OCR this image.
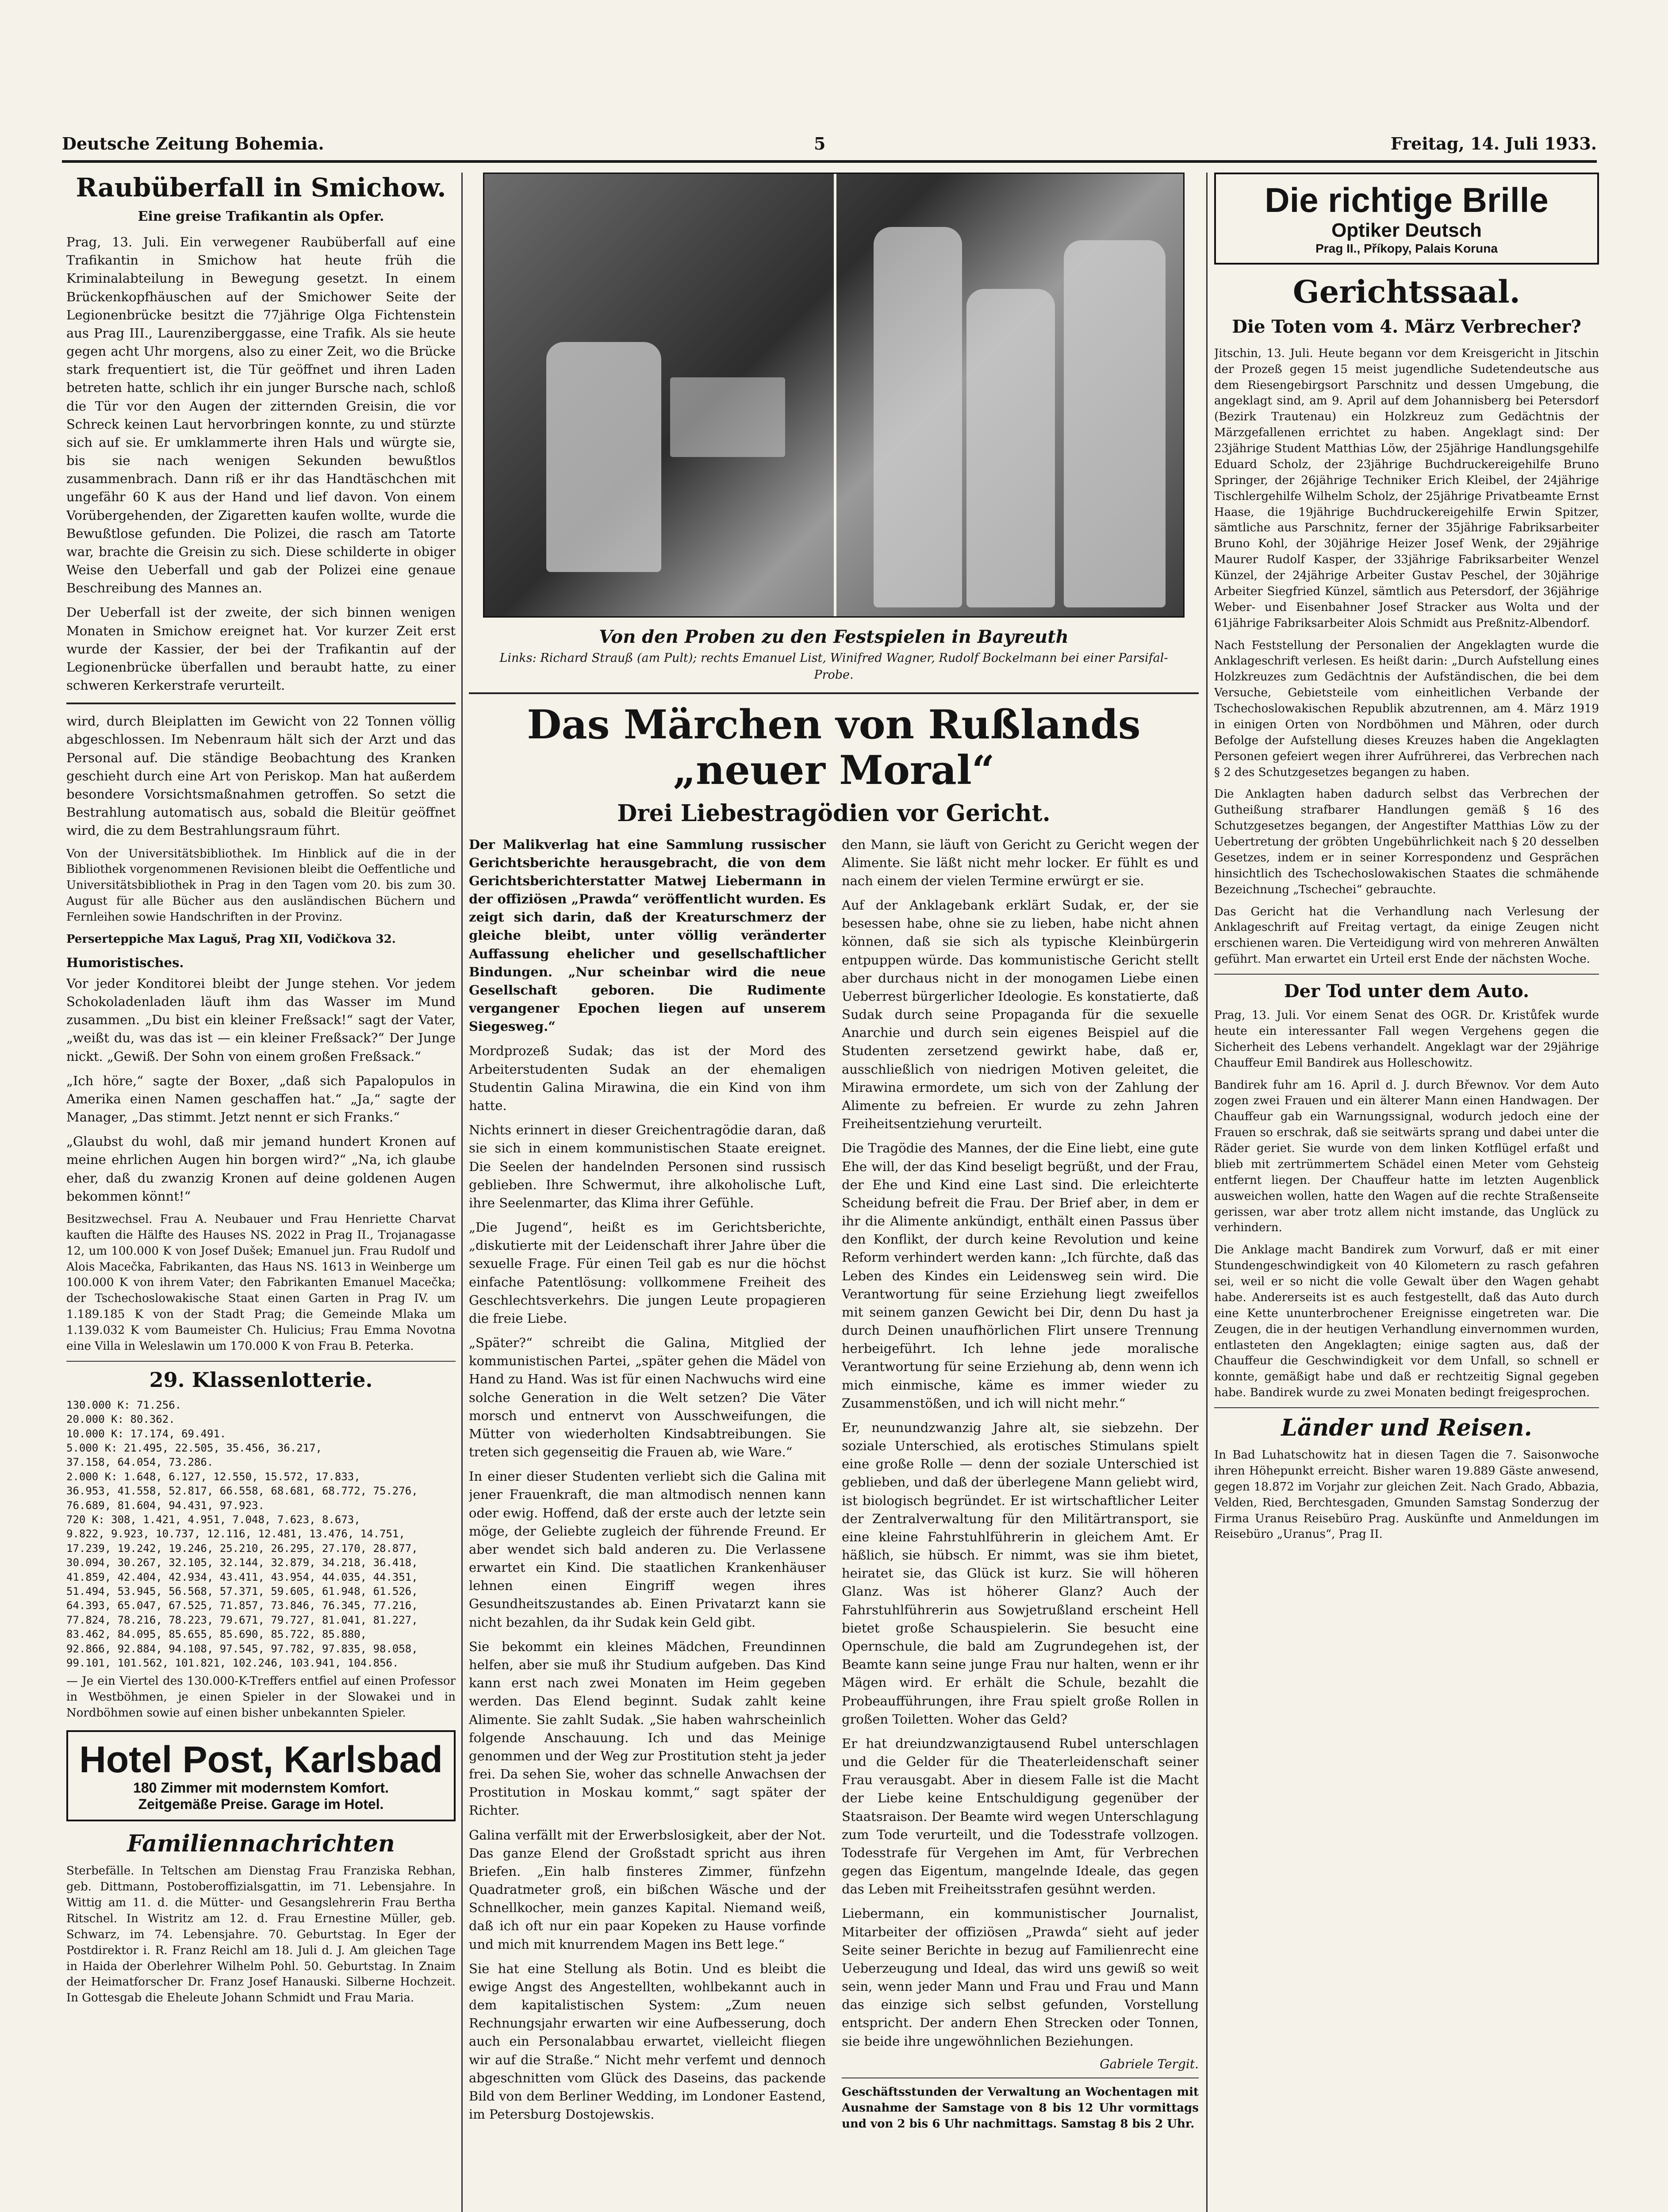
Deutsche Zeitung Bohemia.	5	Freitag, 14. Juli 1933.
Raubüberfall in Smichow.
Eine greise Trafikantin als Opfer.

Prag, 13. Juli. Ein verwegener Raubüberfall auf eine Trafikantin in Smichow hat heute früh die Kriminalabteilung in Bewegung gesetzt. In einem Brückenkopfhäuschen auf der Smichower Seite der Legionenbrücke besitzt die 77jährige Olga Fichtenstein aus Prag III., Laurenziberggasse, eine Trafik. Als sie heute gegen acht Uhr morgens, also zu einer Zeit, wo die Brücke stark frequentiert ist, die Tür geöffnet und ihren Laden betreten hatte, schlich ihr ein junger Bursche nach, schloß die Tür vor den Augen der zitternden Greisin, die vor Schreck keinen Laut hervorbringen konnte, zu und stürzte sich auf sie. Er umklammerte ihren Hals und würgte sie, bis sie nach wenigen Sekunden bewußtlos zusammenbrach. Dann riß er ihr das Handtäschchen mit ungefähr 60 K aus der Hand und lief davon. Von einem Vorübergehenden, der Zigaretten kaufen wollte, wurde die Bewußtlose gefunden. Die Polizei, die rasch am Tatorte war, brachte die Greisin zu sich. Diese schilderte in obiger Weise den Ueberfall und gab der Polizei eine genaue Beschreibung des Mannes an.

Der Ueberfall ist der zweite, der sich binnen wenigen Monaten in Smichow ereignet hat. Vor kurzer Zeit erst wurde der Kassier, der bei der Trafikantin auf der Legionenbrücke überfallen und beraubt hatte, zu einer schweren Kerkerstrafe verurteilt.

wird, durch Bleiplatten im Gewicht von 22 Tonnen völlig abgeschlossen. Im Nebenraum hält sich der Arzt und das Personal auf. Die ständige Beobachtung des Kranken geschieht durch eine Art von Periskop. Man hat außerdem besondere Vorsichtsmaßnahmen getroffen. So setzt die Bestrahlung automatisch aus, sobald die Bleitür geöffnet wird, die zu dem Bestrahlungsraum führt.

Von der Universitätsbibliothek. Im Hinblick auf die in der Bibliothek vorgenommenen Revisionen bleibt die Oeffentliche und Universitätsbibliothek in Prag in den Tagen vom 20. bis zum 30. August für alle Bücher aus den ausländischen Büchern und Fernleihen sowie Handschriften in der Provinz.

Perserteppiche Max Laguš, Prag XII, Vodičkova 32.

Humoristisches.

Vor jeder Konditorei bleibt der Junge stehen. Vor jedem Schokoladenladen läuft ihm das Wasser im Mund zusammen. „Du bist ein kleiner Freßsack!“ sagt der Vater, „weißt du, was das ist — ein kleiner Freßsack?“ Der Junge nickt. „Gewiß. Der Sohn von einem großen Freßsack.“

„Ich höre,“ sagte der Boxer, „daß sich Papalopulos in Amerika einen Namen geschaffen hat.“ „Ja,“ sagte der Manager, „Das stimmt. Jetzt nennt er sich Franks.“

„Glaubst du wohl, daß mir jemand hundert Kronen auf meine ehrlichen Augen hin borgen wird?“ „Na, ich glaube eher, daß du zwanzig Kronen auf deine goldenen Augen bekommen könnt!“

Besitzwechsel. Frau A. Neubauer und Frau Henriette Charvat kauften die Hälfte des Hauses NS. 2022 in Prag II., Trojanagasse 12, um 100.000 K von Josef Dušek; Emanuel jun. Frau Rudolf und Alois Macečka, Fabrikanten, das Haus NS. 1613 in Weinberge um 100.000 K von ihrem Vater; den Fabrikanten Emanuel Macečka; der Tschechoslowakische Staat einen Garten in Prag IV. um 1.189.185 K von der Stadt Prag; die Gemeinde Mlaka um 1.139.032 K vom Baumeister Ch. Hulicius; Frau Emma Novotna eine Villa in Weleslawin um 170.000 K von Frau B. Peterka.

29. Klassenlotterie.
130.000 K: 71.256.
20.000 K: 80.362.
10.000 K: 17.174, 69.491.
5.000 K: 21.495, 22.505, 35.456, 36.217,
37.158, 64.054, 73.286.
2.000 K: 1.648, 6.127, 12.550, 15.572, 17.833,
36.953, 41.558, 52.817, 66.558, 68.681, 68.772, 75.276,
76.689, 81.604, 94.431, 97.923.
720 K: 308, 1.421, 4.951, 7.048, 7.623, 8.673,
9.822, 9.923, 10.737, 12.116, 12.481, 13.476, 14.751,
17.239, 19.242, 19.246, 25.210, 26.295, 27.170, 28.877,
30.094, 30.267, 32.105, 32.144, 32.879, 34.218, 36.418,
41.859, 42.404, 42.934, 43.411, 43.954, 44.035, 44.351,
51.494, 53.945, 56.568, 57.371, 59.605, 61.948, 61.526,
64.393, 65.047, 67.525, 71.857, 73.846, 76.345, 77.216,
77.824, 78.216, 78.223, 79.671, 79.727, 81.041, 81.227,
83.462, 84.095, 85.655, 85.690, 85.722, 85.880,
92.866, 92.884, 94.108, 97.545, 97.782, 97.835, 98.058,
99.101, 101.562, 101.821, 102.246, 103.941, 104.856.

— Je ein Viertel des 130.000-K-Treffers entfiel auf einen Professor in Westböhmen, je einen Spieler in der Slowakei und in Nordböhmen sowie auf einen bisher unbekannten Spieler.

Hotel Post, Karlsbad
180 Zimmer mit modernstem Komfort.
Zeitgemäße Preise. Garage im Hotel.
Familiennachrichten

Sterbefälle. In Teltschen am Dienstag Frau Franziska Rebhan, geb. Dittmann, Postoberoffizialsgattin, im 71. Lebensjahre. In Wittig am 11. d. die Mütter- und Gesangslehrerin Frau Bertha Ritschel. In Wistritz am 12. d. Frau Ernestine Müller, geb. Schwarz, im 74. Lebensjahre. 70. Geburtstag. In Eger der Postdirektor i. R. Franz Reichl am 18. Juli d. J. Am gleichen Tage in Haida der Oberlehrer Wilhelm Pohl. 50. Geburtstag. In Znaim der Heimatforscher Dr. Franz Josef Hanauski. Silberne Hochzeit. In Gottesgab die Eheleute Johann Schmidt und Frau Maria.

Von den Proben zu den Festspielen in Bayreuth
Links: Richard Strauß (am Pult); rechts Emanuel List, Winifred Wagner, Rudolf Bockelmann bei einer Parsifal-Probe.
Das Märchen von Rußlands „neuer Moral“
Drei Liebestragödien vor Gericht.

Der Malikverlag hat eine Sammlung russischer Gerichtsberichte herausgebracht, die von dem Gerichtsberichterstatter Matwej Liebermann in der offiziösen „Prawda“ veröffentlicht wurden. Es zeigt sich darin, daß der Kreaturschmerz der gleiche bleibt, unter völlig veränderter Auffassung ehelicher und gesellschaftlicher Bindungen. „Nur scheinbar wird die neue Gesellschaft geboren. Die Rudimente vergangener Epochen liegen auf unserem Siegesweg.“

Mordprozeß Sudak; das ist der Mord des Arbeiterstudenten Sudak an der ehemaligen Studentin Galina Mirawina, die ein Kind von ihm hatte.

Nichts erinnert in dieser Greichentragödie daran, daß sie sich in einem kommunistischen Staate ereignet. Die Seelen der handelnden Personen sind russisch geblieben. Ihre Schwermut, ihre alkoholische Luft, ihre Seelenmarter, das Klima ihrer Gefühle.

„Die Jugend“, heißt es im Gerichtsberichte, „diskutierte mit der Leidenschaft ihrer Jahre über die sexuelle Frage. Für einen Teil gab es nur die höchst einfache Patentlösung: vollkommene Freiheit des Geschlechtsverkehrs. Die jungen Leute propagieren die freie Liebe.

„Später?“ schreibt die Galina, Mitglied der kommunistischen Partei, „später gehen die Mädel von Hand zu Hand. Was ist für einen Nachwuchs wird eine solche Generation in die Welt setzen? Die Väter morsch und entnervt von Ausschweifungen, die Mütter von wiederholten Kindsabtreibungen. Sie treten sich gegenseitig die Frauen ab, wie Ware.“

In einer dieser Studenten verliebt sich die Galina mit jener Frauenkraft, die man altmodisch nennen kann oder ewig. Hoffend, daß der erste auch der letzte sein möge, der Geliebte zugleich der führende Freund. Er aber wendet sich bald anderen zu. Die Verlassene erwartet ein Kind. Die staatlichen Krankenhäuser lehnen einen Eingriff wegen ihres Gesundheitszustandes ab. Einen Privatarzt kann sie nicht bezahlen, da ihr Sudak kein Geld gibt.

Sie bekommt ein kleines Mädchen, Freundinnen helfen, aber sie muß ihr Studium aufgeben. Das Kind kann erst nach zwei Monaten im Heim gegeben werden. Das Elend beginnt. Sudak zahlt keine Alimente. Sie zahlt Sudak. „Sie haben wahrscheinlich folgende Anschauung. Ich und das Meinige genommen und der Weg zur Prostitution steht ja jeder frei. Da sehen Sie, woher das schnelle Anwachsen der Prostitution in Moskau kommt,“ sagt später der Richter.

Galina verfällt mit der Erwerbslosigkeit, aber der Not. Das ganze Elend der Großstadt spricht aus ihren Briefen. „Ein halb finsteres Zimmer, fünfzehn Quadratmeter groß, ein bißchen Wäsche und der Schnellkocher, mein ganzes Kapital. Niemand weiß, daß ich oft nur ein paar Kopeken zu Hause vorfinde und mich mit knurrendem Magen ins Bett lege.“

Sie hat eine Stellung als Botin. Und es bleibt die ewige Angst des Angestellten, wohlbekannt auch in dem kapitalistischen System: „Zum neuen Rechnungsjahr erwarten wir eine Aufbesserung, doch auch ein Personalabbau erwartet, vielleicht fliegen wir auf die Straße.“ Nicht mehr verfemt und dennoch abgeschnitten vom Glück des Daseins, das packende Bild von dem Berliner Wedding, im Londoner Eastend, im Petersburg Dostojewskis.

den Mann, sie läuft von Gericht zu Gericht wegen der Alimente. Sie läßt nicht mehr locker. Er fühlt es und nach einem der vielen Termine erwürgt er sie.

Auf der Anklagebank erklärt Sudak, er, der sie besessen habe, ohne sie zu lieben, habe nicht ahnen können, daß sie sich als typische Kleinbürgerin entpuppen würde. Das kommunistische Gericht stellt aber durchaus nicht in der monogamen Liebe einen Ueberrest bürgerlicher Ideologie. Es konstatierte, daß Sudak durch seine Propaganda für die sexuelle Anarchie und durch sein eigenes Beispiel auf die Studenten zersetzend gewirkt habe, daß er, ausschließlich von niedrigen Motiven geleitet, die Mirawina ermordete, um sich von der Zahlung der Alimente zu befreien. Er wurde zu zehn Jahren Freiheitsentziehung verurteilt.

Die Tragödie des Mannes, der die Eine liebt, eine gute Ehe will, der das Kind beseligt begrüßt, und der Frau, der Ehe und Kind eine Last sind. Die erleichterte Scheidung befreit die Frau. Der Brief aber, in dem er ihr die Alimente ankündigt, enthält einen Passus über den Konflikt, der durch keine Revolution und keine Reform verhindert werden kann: „Ich fürchte, daß das Leben des Kindes ein Leidensweg sein wird. Die Verantwortung für seine Erziehung liegt zweifellos mit seinem ganzen Gewicht bei Dir, denn Du hast ja durch Deinen unaufhörlichen Flirt unsere Trennung herbeigeführt. Ich lehne jede moralische Verantwortung für seine Erziehung ab, denn wenn ich mich einmische, käme es immer wieder zu Zusammenstößen, und ich will nicht mehr.“

Er, neunundzwanzig Jahre alt, sie siebzehn. Der soziale Unterschied, als erotisches Stimulans spielt eine große Rolle — denn der soziale Unterschied ist geblieben, und daß der überlegene Mann geliebt wird, ist biologisch begründet. Er ist wirtschaftlicher Leiter der Zentralverwaltung für den Militärtransport, sie eine kleine Fahrstuhlführerin in gleichem Amt. Er häßlich, sie hübsch. Er nimmt, was sie ihm bietet, heiratet sie, das Glück ist kurz. Sie will höheren Glanz. Was ist höherer Glanz? Auch der Fahrstuhlführerin aus Sowjetrußland erscheint Hell bietet große Schauspielerin. Sie besucht eine Opernschule, die bald am Zugrundegehen ist, der Beamte kann seine junge Frau nur halten, wenn er ihr Mägen wird. Er erhält die Schule, bezahlt die Probeaufführungen, ihre Frau spielt große Rollen in großen Toiletten. Woher das Geld?

Er hat dreiundzwanzigtausend Rubel unterschlagen und die Gelder für die Theaterleidenschaft seiner Frau verausgabt. Aber in diesem Falle ist die Macht der Liebe keine Entschuldigung gegenüber der Staatsraison. Der Beamte wird wegen Unterschlagung zum Tode verurteilt, und die Todesstrafe vollzogen. Todesstrafe für Vergehen im Amt, für Verbrechen gegen das Eigentum, mangelnde Ideale, das gegen das Leben mit Freiheitsstrafen gesühnt werden.

Liebermann, ein kommunistischer Journalist, Mitarbeiter der offiziösen „Prawda“ sieht auf jeder Seite seiner Berichte in bezug auf Familienrecht eine Ueberzeugung und Ideal, das wird uns gewiß so weit sein, wenn jeder Mann und Frau und Frau und Mann das einzige sich selbst gefunden, Vorstellung entspricht. Der andern Ehen Strecken oder Tonnen, sie beide ihre ungewöhnlichen Beziehungen.

Gabriele Tergit.

Geschäftsstunden der Verwaltung an Wochentagen mit Ausnahme der Samstage von 8 bis 12 Uhr vormittags und von 2 bis 6 Uhr nachmittags. Samstag 8 bis 2 Uhr.

Die richtige Brille
Optiker Deutsch
Prag II., Příkopy, Palais Koruna
Gerichtssaal.
Die Toten vom 4. März Verbrecher?

Jitschin, 13. Juli. Heute begann vor dem Kreisgericht in Jitschin der Prozeß gegen 15 meist jugendliche Sudetendeutsche aus dem Riesengebirgsort Parschnitz und dessen Umgebung, die angeklagt sind, am 9. April auf dem Johannisberg bei Petersdorf (Bezirk Trautenau) ein Holzkreuz zum Gedächtnis der Märzgefallenen errichtet zu haben. Angeklagt sind: Der 23jährige Student Matthias Löw, der 25jährige Handlungsgehilfe Eduard Scholz, der 23jährige Buchdruckereigehilfe Bruno Springer, der 26jährige Techniker Erich Kleibel, der 24jährige Tischlergehilfe Wilhelm Scholz, der 25jährige Privatbeamte Ernst Haase, die 19jährige Buchdruckereigehilfe Erwin Spitzer, sämtliche aus Parschnitz, ferner der 35jährige Fabriksarbeiter Bruno Kohl, der 30jährige Heizer Josef Wenk, der 29jährige Maurer Rudolf Kasper, der 33jährige Fabriksarbeiter Wenzel Künzel, der 24jährige Arbeiter Gustav Peschel, der 30jährige Arbeiter Siegfried Künzel, sämtlich aus Petersdorf, der 36jährige Weber- und Eisenbahner Josef Stracker aus Wolta und der 61jährige Fabriksarbeiter Alois Schmidt aus Preßnitz-Albendorf.

Nach Feststellung der Personalien der Angeklagten wurde die Anklageschrift verlesen. Es heißt darin: „Durch Aufstellung eines Holzkreuzes zum Gedächtnis der Aufständischen, die bei dem Versuche, Gebietsteile vom einheitlichen Verbande der Tschechoslowakischen Republik abzutrennen, am 4. März 1919 in einigen Orten von Nordböhmen und Mähren, oder durch Befolge der Aufstellung dieses Kreuzes haben die Angeklagten Personen gefeiert wegen ihrer Aufrührerei, das Verbrechen nach § 2 des Schutzgesetzes begangen zu haben.

Die Anklagten haben dadurch selbst das Verbrechen der Gutheißung strafbarer Handlungen gemäß § 16 des Schutzgesetzes begangen, der Angestifter Matthias Löw zu der Uebertretung der gröbten Ungebührlichkeit nach § 20 desselben Gesetzes, indem er in seiner Korrespondenz und Gesprächen hinsichtlich des Tschechoslowakischen Staates die schmähende Bezeichnung „Tschechei“ gebrauchte.

Das Gericht hat die Verhandlung nach Verlesung der Anklageschrift auf Freitag vertagt, da einige Zeugen nicht erschienen waren. Die Verteidigung wird von mehreren Anwälten geführt. Man erwartet ein Urteil erst Ende der nächsten Woche.

Der Tod unter dem Auto.

Prag, 13. Juli. Vor einem Senat des OGR. Dr. Kristůfek wurde heute ein interessanter Fall wegen Vergehens gegen die Sicherheit des Lebens verhandelt. Angeklagt war der 29jährige Chauffeur Emil Bandirek aus Holleschowitz.

Bandirek fuhr am 16. April d. J. durch Břewnov. Vor dem Auto zogen zwei Frauen und ein älterer Mann einen Handwagen. Der Chauffeur gab ein Warnungssignal, wodurch jedoch eine der Frauen so erschrak, daß sie seitwärts sprang und dabei unter die Räder geriet. Sie wurde von dem linken Kotflügel erfaßt und blieb mit zertrümmertem Schädel einen Meter vom Gehsteig entfernt liegen. Der Chauffeur hatte im letzten Augenblick ausweichen wollen, hatte den Wagen auf die rechte Straßenseite gerissen, war aber trotz allem nicht imstande, das Unglück zu verhindern.

Die Anklage macht Bandirek zum Vorwurf, daß er mit einer Stundengeschwindigkeit von 40 Kilometern zu rasch gefahren sei, weil er so nicht die volle Gewalt über den Wagen gehabt habe. Andererseits ist es auch festgestellt, daß das Auto durch eine Kette ununterbrochener Ereignisse eingetreten war. Die Zeugen, die in der heutigen Verhandlung einvernommen wurden, entlasteten den Angeklagten; einige sagten aus, daß der Chauffeur die Geschwindigkeit vor dem Unfall, so schnell er konnte, gemäßigt habe und daß er rechtzeitig Signal gegeben habe. Bandirek wurde zu zwei Monaten bedingt freigesprochen.

Länder und Reisen.

In Bad Luhatschowitz hat in diesen Tagen die 7. Saisonwoche ihren Höhepunkt erreicht. Bisher waren 19.889 Gäste anwesend, gegen 18.872 im Vorjahr zur gleichen Zeit. Nach Grado, Abbazia, Velden, Ried, Berchtesgaden, Gmunden Samstag Sonderzug der Firma Uranus Reisebüro Prag. Auskünfte und Anmeldungen im Reisebüro „Uranus“, Prag II.
